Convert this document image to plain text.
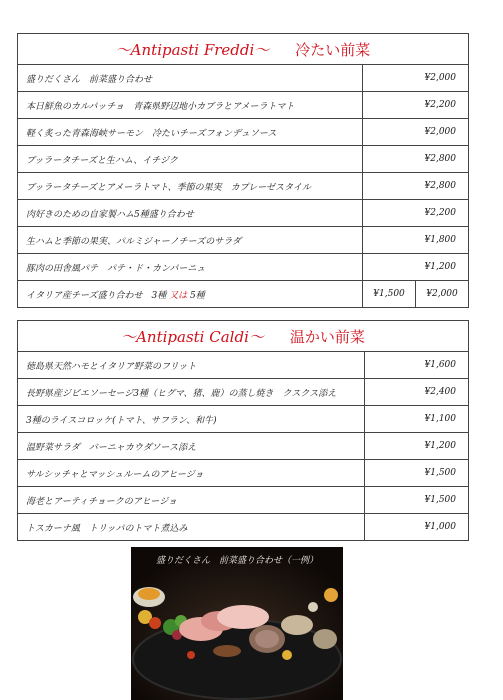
～Antipasti Freddi～ 冷たい前菜		
盛りだくさん　前菜盛り合わせ	¥2,000	
本日鮮魚のカルパッチョ　青森県野辺地小カブラとアメーラトマト	¥2,200	
軽く炙った青森海峡サーモン　冷たいチーズフォンデュソース	¥2,000	
ブッラータチーズと生ハム、イチジク	¥2,800	
ブッラータチーズとアメーラトマト、季節の果実　カプレーゼスタイル	¥2,800	
肉好きのための自家製ハム5種盛り合わせ	¥2,200	
生ハムと季節の果実、パルミジャーノチーズのサラダ	¥1,800	
豚肉の田舎風パテ　パテ・ド・カンパーニュ	¥1,200	
イタリア産チーズ盛り合わせ　3種 又は 5種	¥1,500	¥2,000
～Antipasti Caldi～ 温かい前菜	
徳島県天然ハモとイタリア野菜のフリット	¥1,600
長野県産ジビエソーセージ3種（ヒグマ、猪、鹿）の蒸し焼き　クスクス添え	¥2,400
3種のライスコロッケ(トマト、サフラン、和牛)	¥1,100
温野菜サラダ　バーニャカウダソース添え	¥1,200
サルシッチャとマッシュルームのアヒージョ	¥1,500
海老とアーティチョークのアヒージョ	¥1,500
トスカーナ風　トリッパのトマト煮込み	¥1,000
盛りだくさん　前菜盛り合わせ（一例）
